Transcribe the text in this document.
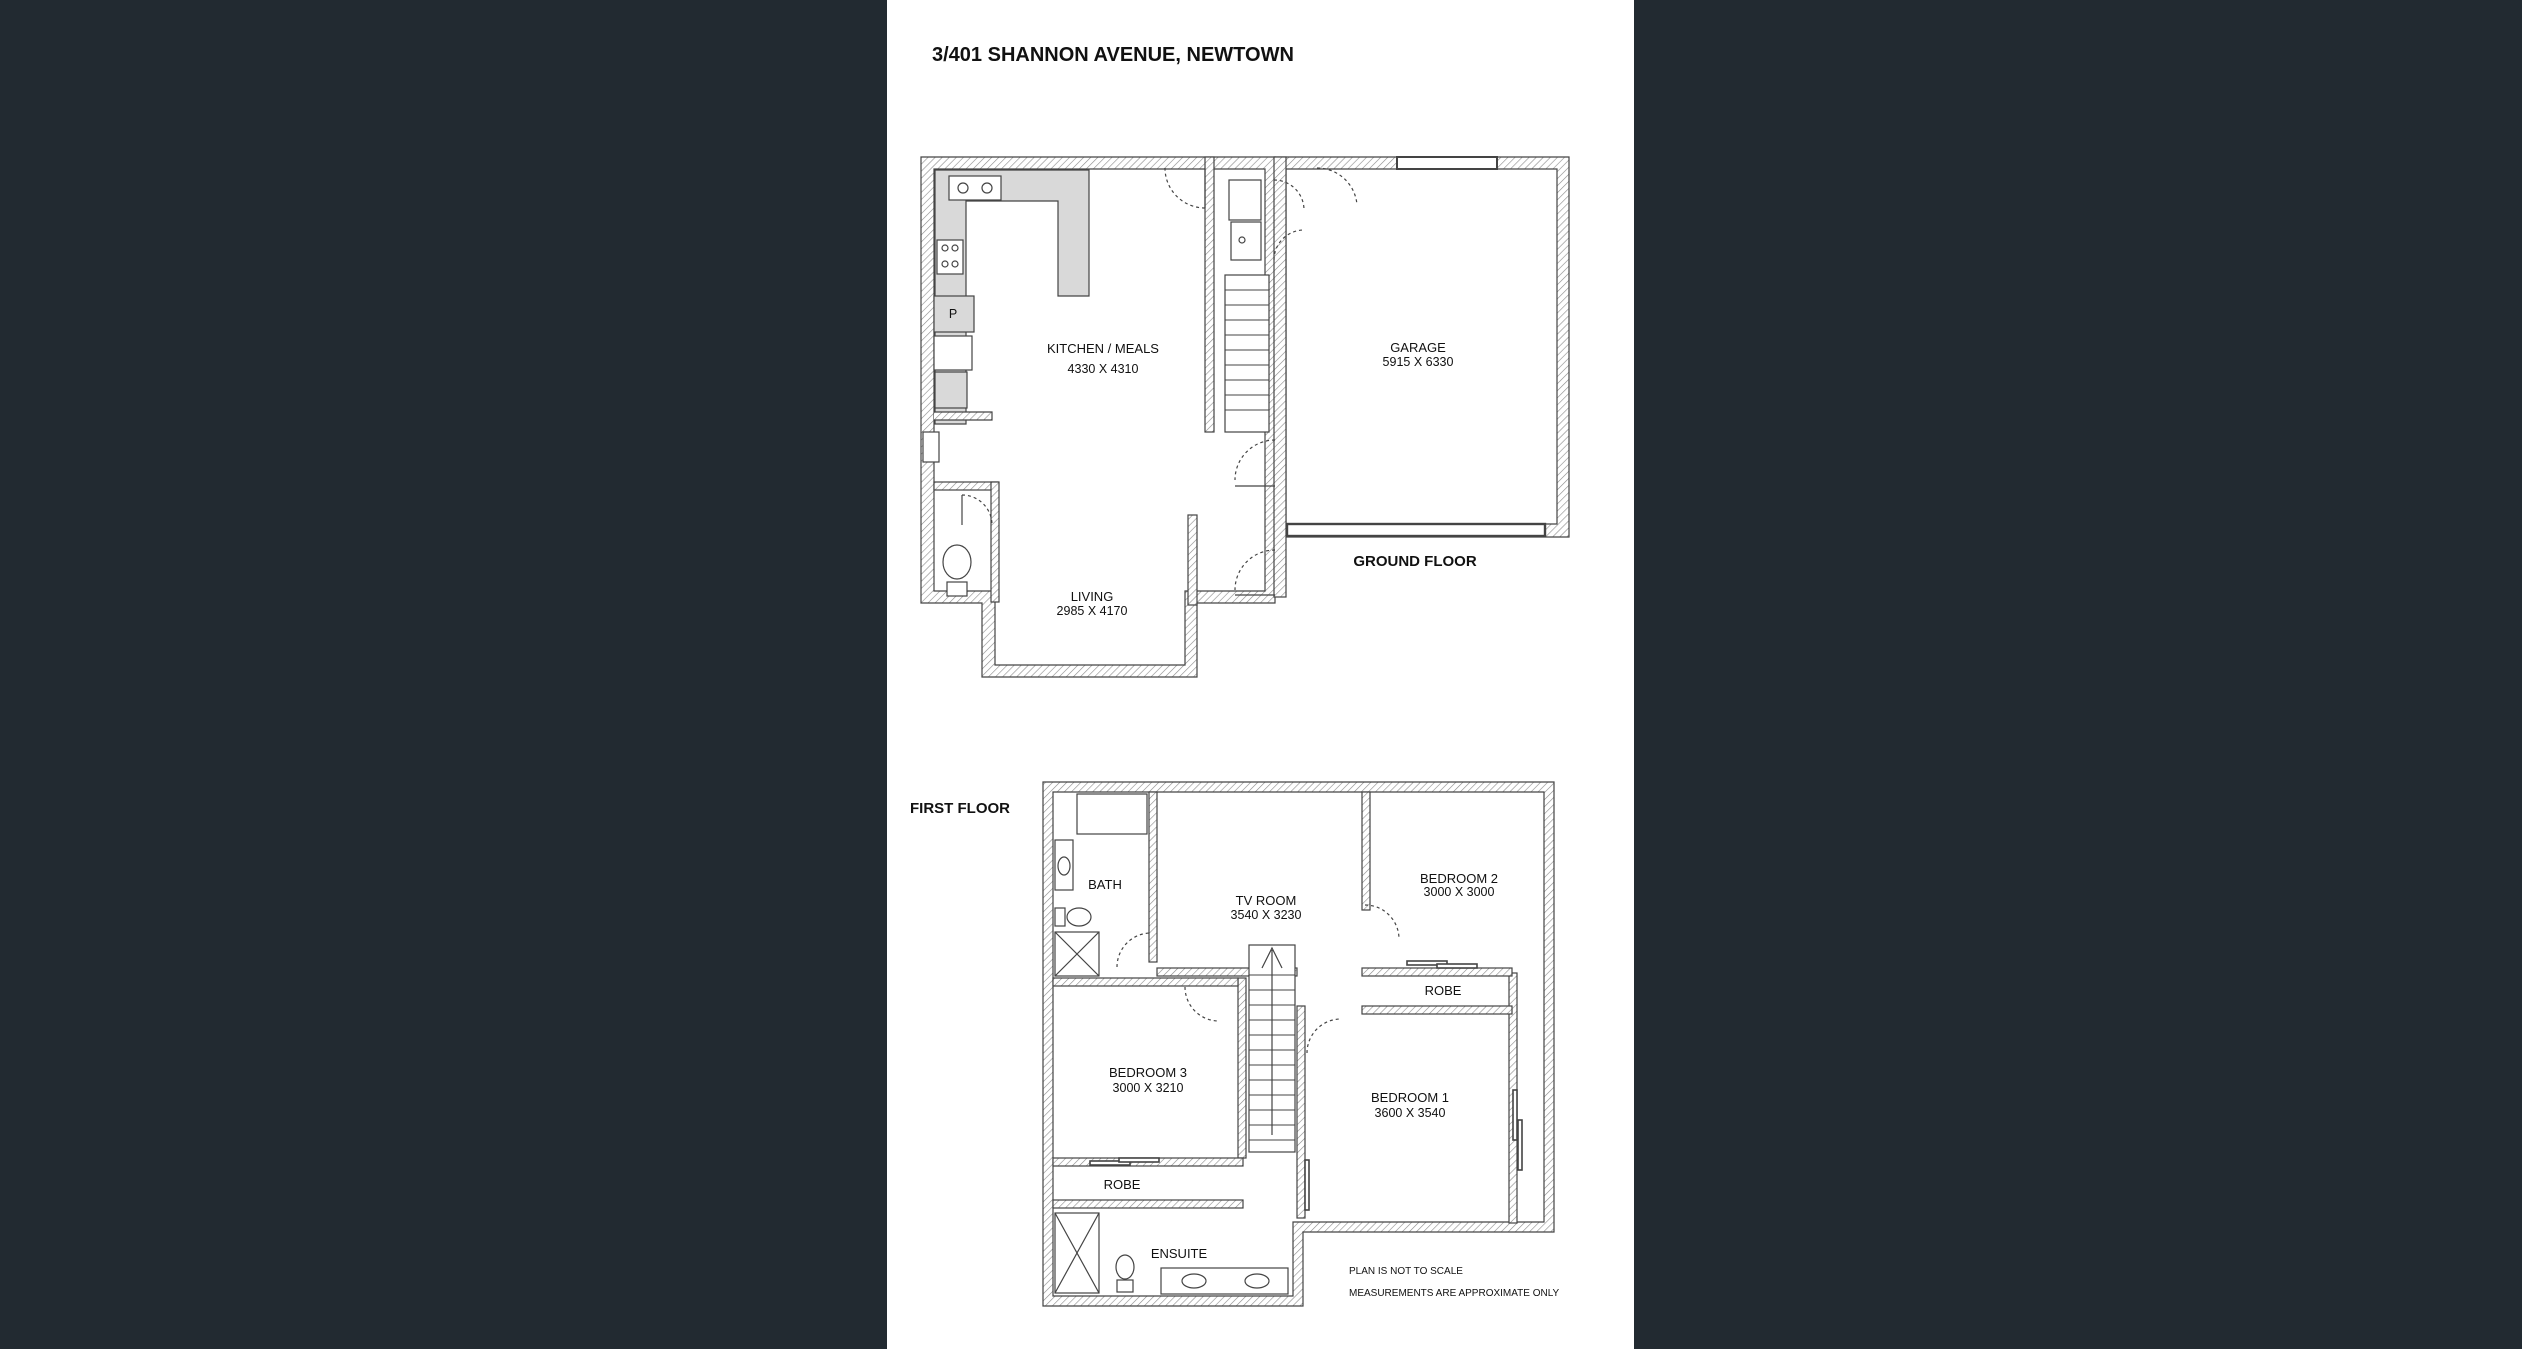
3/401 SHANNON AVENUE, NEWTOWN
KITCHEN / MEALS
4330 X 4310
P
LIVING
2985 X 4170
GARAGE
5915 X 6330
GROUND FLOOR
FIRST FLOOR
BATH
TV ROOM
3540 X 3230
BEDROOM 2
3000 X 3000
ROBE
BEDROOM 3
3000 X 3210
BEDROOM 1
3600 X 3540
ROBE
ENSUITE
PLAN IS NOT TO SCALE
MEASUREMENTS ARE APPROXIMATE ONLY
